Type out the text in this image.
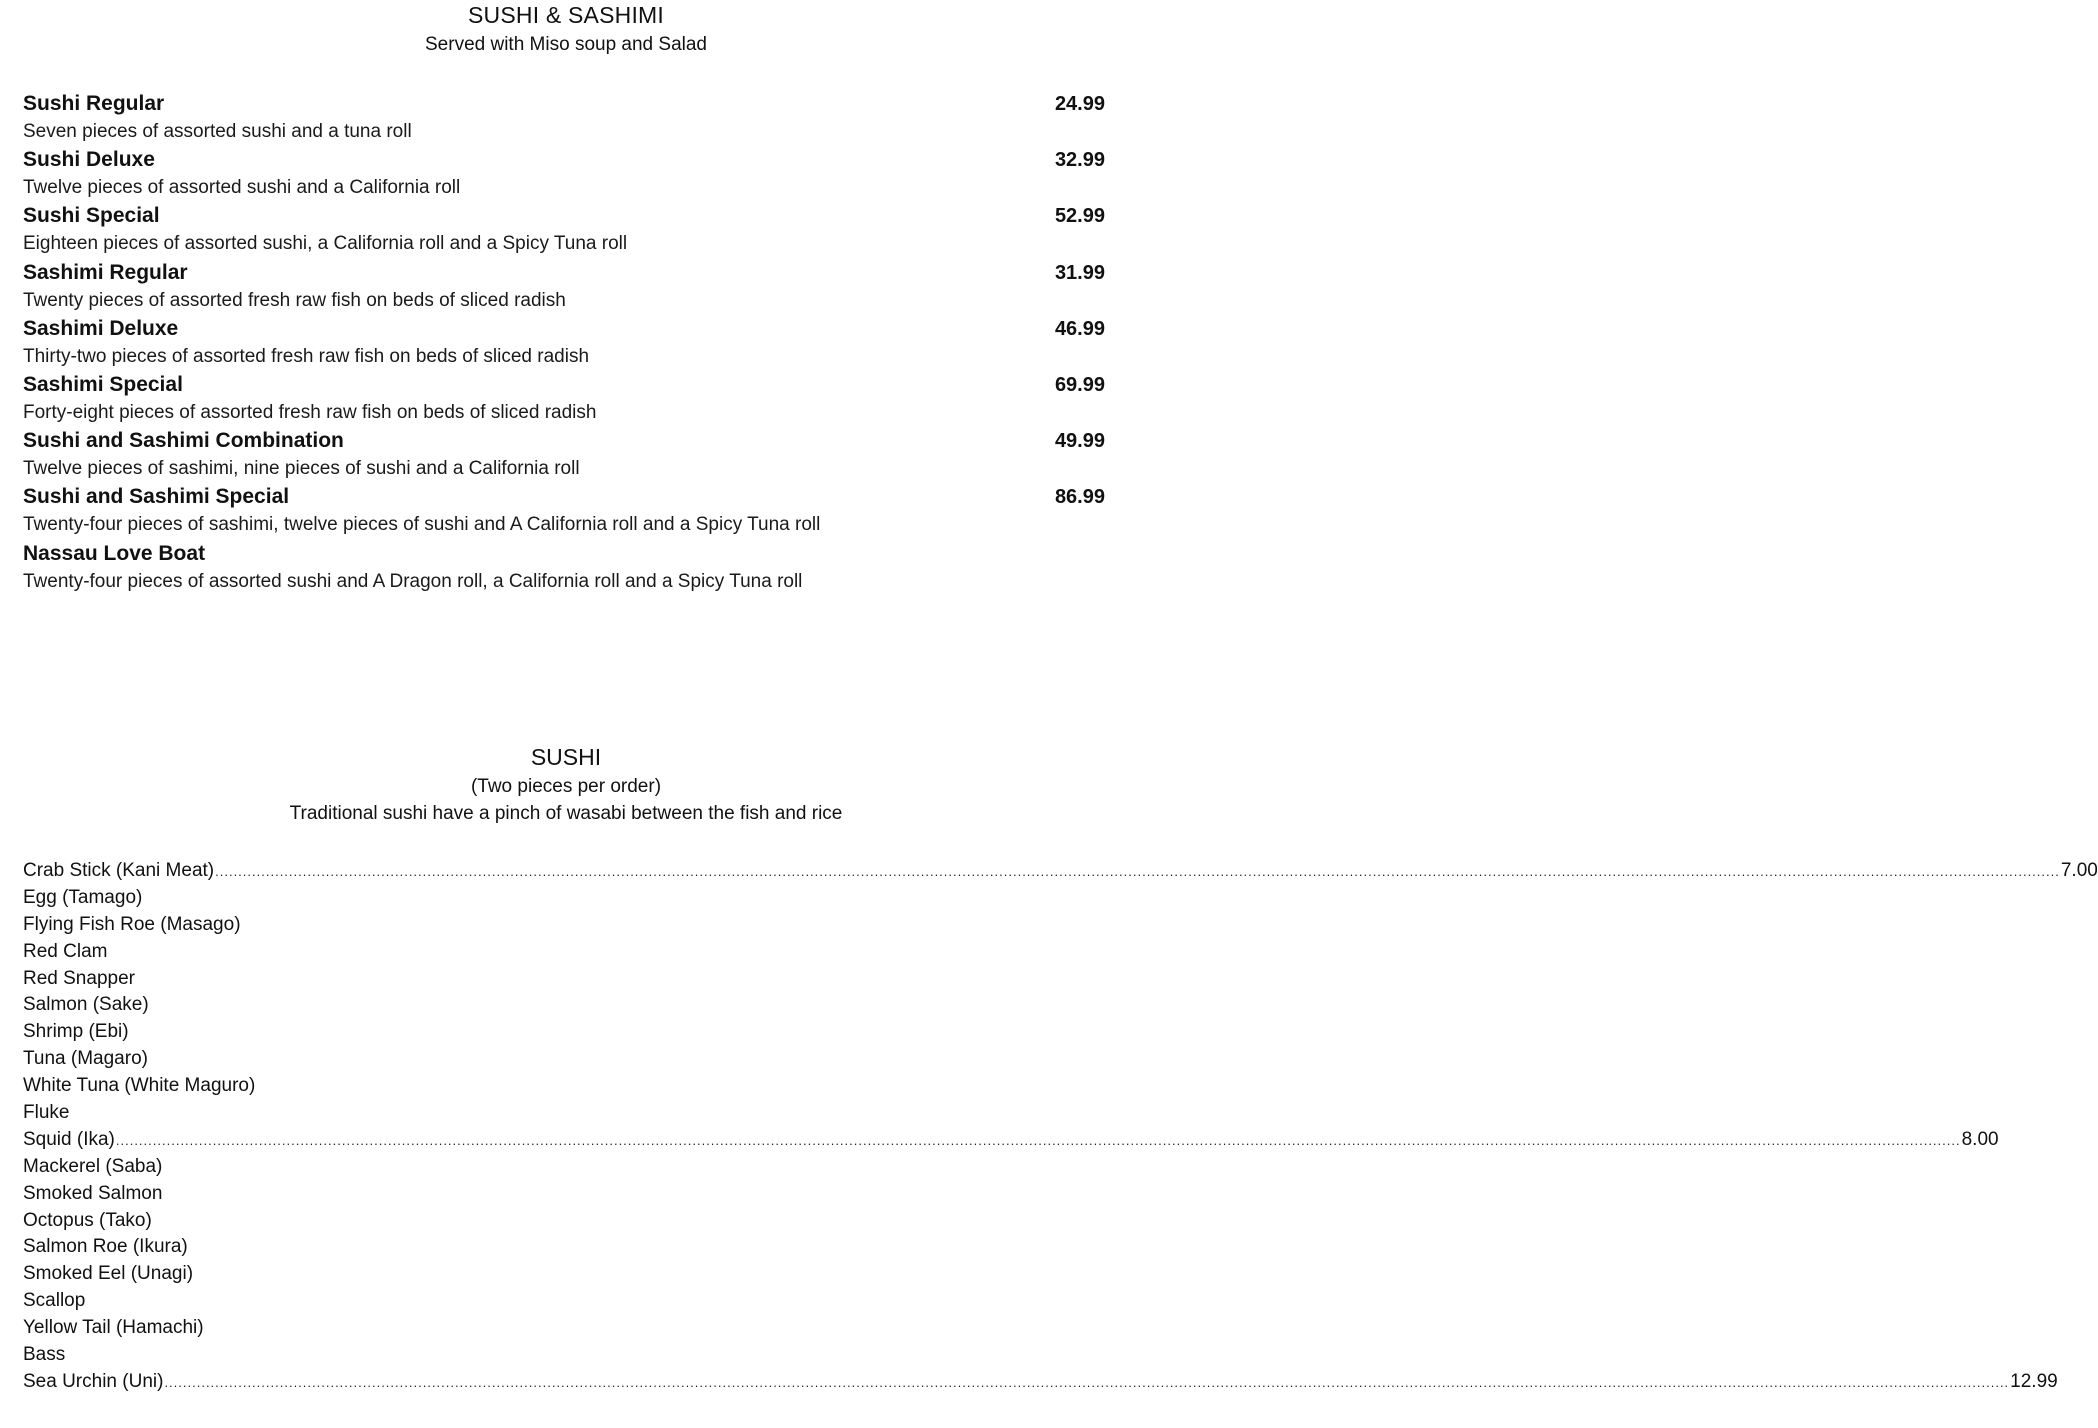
SUSHI & SASHIMI
Served with Miso soup and Salad
Sushi Regular	24.99
Seven pieces of assorted sushi and a tuna roll
Sushi Deluxe	32.99
Twelve pieces of assorted sushi and a California roll
Sushi Special	52.99
Eighteen pieces of assorted sushi, a California roll and a Spicy Tuna roll
Sashimi Regular	31.99
Twenty pieces of assorted fresh raw fish on beds of sliced radish
Sashimi Deluxe	46.99
Thirty-two pieces of assorted fresh raw fish on beds of sliced radish
Sashimi Special	69.99
Forty-eight pieces of assorted fresh raw fish on beds of sliced radish
Sushi and Sashimi Combination	49.99
Twelve pieces of sashimi, nine pieces of sushi and a California roll
Sushi and Sashimi Special	86.99
Twenty-four pieces of sashimi, twelve pieces of sushi and A California roll and a Spicy Tuna roll
Nassau Love Boat
Twenty-four pieces of assorted sushi and A Dragon roll, a California roll and a Spicy Tuna roll
SUSHI
(Two pieces per order)
Traditional sushi have a pinch of wasabi between the fish and rice
Crab Stick (Kani Meat) ................................................................................................................................................................................................................................................................................................................................................................................................................ 7.00
Egg (Tamago)
Flying Fish Roe (Masago)
Red Clam
Red Snapper
Salmon (Sake)
Shrimp (Ebi)
Tuna (Magaro)
White Tuna (White Maguro)
Fluke
Squid (Ika) ................................................................................................................................................................................................................................................................................................................................................................................................................ 8.00
Mackerel (Saba)
Smoked Salmon
Octopus (Tako)
Salmon Roe (Ikura)
Smoked Eel (Unagi)
Scallop
Yellow Tail (Hamachi)
Bass
Sea Urchin (Uni) ................................................................................................................................................................................................................................................................................................................................................................................................................ 12.99
